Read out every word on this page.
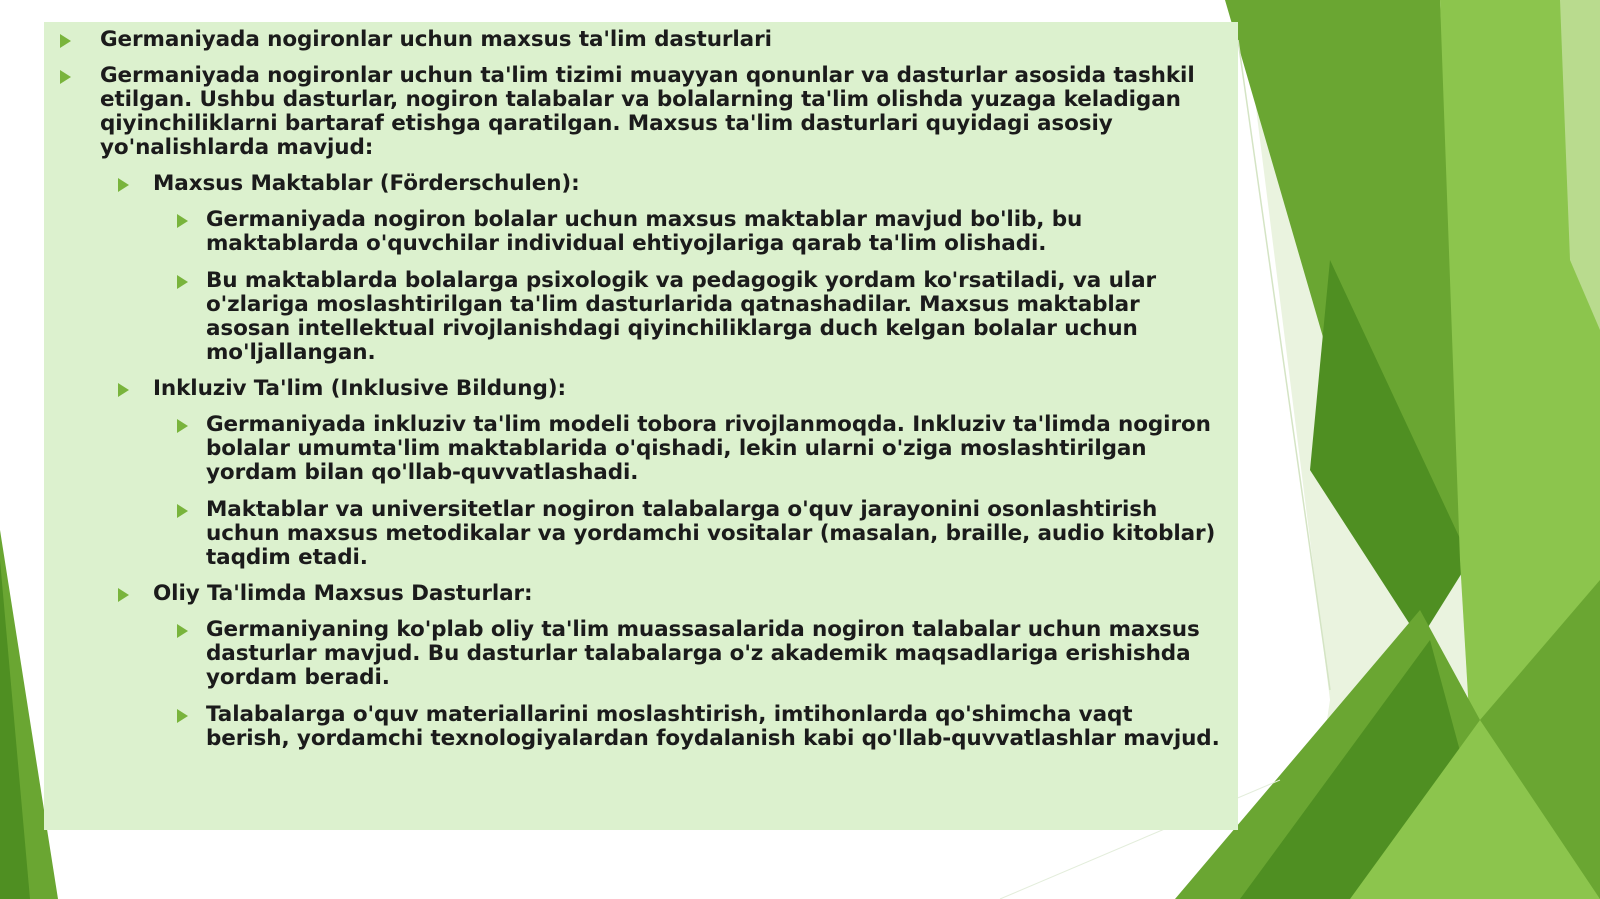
Germaniyada nogironlar uchun maxsus ta'lim dasturlari
Germaniyada nogironlar uchun ta'lim tizimi muayyan qonunlar va dasturlar asosida tashkil etilgan. Ushbu dasturlar, nogiron talabalar va bolalarning ta'lim olishda yuzaga keladigan qiyinchiliklarni bartaraf etishga qaratilgan. Maxsus ta'lim dasturlari quyidagi asosiy yo'nalishlarda mavjud:
Maxsus Maktablar (Förderschulen):
Germaniyada nogiron bolalar uchun maxsus maktablar mavjud bo'lib, bu maktablarda o'quvchilar individual ehtiyojlariga qarab ta'lim olishadi.
Bu maktablarda bolalarga psixologik va pedagogik yordam ko'rsatiladi, va ular o'zlariga moslashtirilgan ta'lim dasturlarida qatnashadilar. Maxsus maktablar asosan intellektual rivojlanishdagi qiyinchiliklarga duch kelgan bolalar uchun mo'ljallangan.
Inkluziv Ta'lim (Inklusive Bildung):
Germaniyada inkluziv ta'lim modeli tobora rivojlanmoqda. Inkluziv ta'limda nogiron bolalar umumta'lim maktablarida o'qishadi, lekin ularni o'ziga moslashtirilgan yordam bilan qo'llab-quvvatlashadi.
Maktablar va universitetlar nogiron talabalarga o'quv jarayonini osonlashtirish uchun maxsus metodikalar va yordamchi vositalar (masalan, braille, audio kitoblar) taqdim etadi.
Oliy Ta'limda Maxsus Dasturlar:
Germaniyaning ko'plab oliy ta'lim muassasalarida nogiron talabalar uchun maxsus dasturlar mavjud. Bu dasturlar talabalarga o'z akademik maqsadlariga erishishda yordam beradi.
Talabalarga o'quv materiallarini moslashtirish, imtihonlarda qo'shimcha vaqt berish, yordamchi texnologiyalardan foydalanish kabi qo'llab-quvvatlashlar mavjud.
